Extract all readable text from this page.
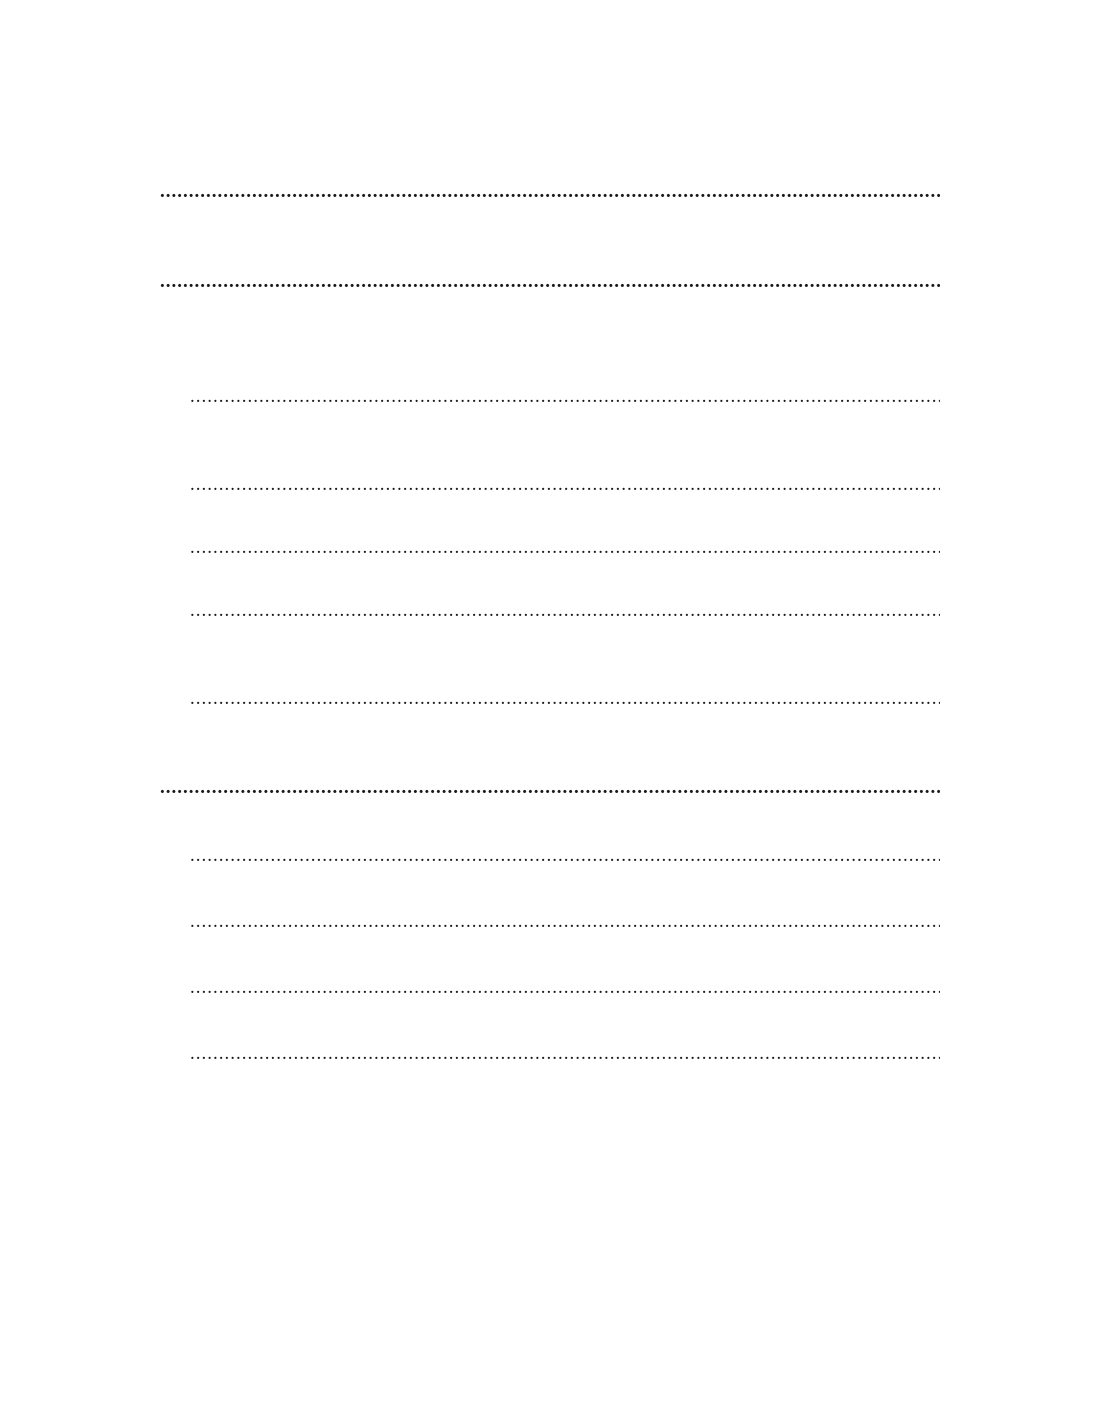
.....
.....
.....
.....
.....
.....
.....
.....
.....
.....
.....
.....
